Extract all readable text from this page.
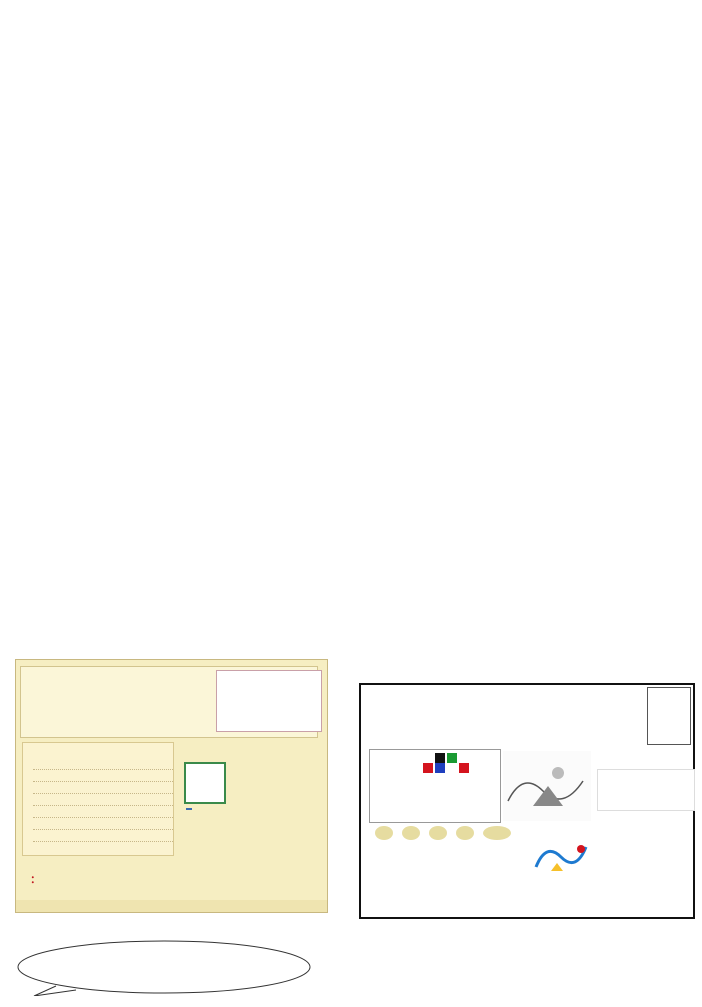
：
